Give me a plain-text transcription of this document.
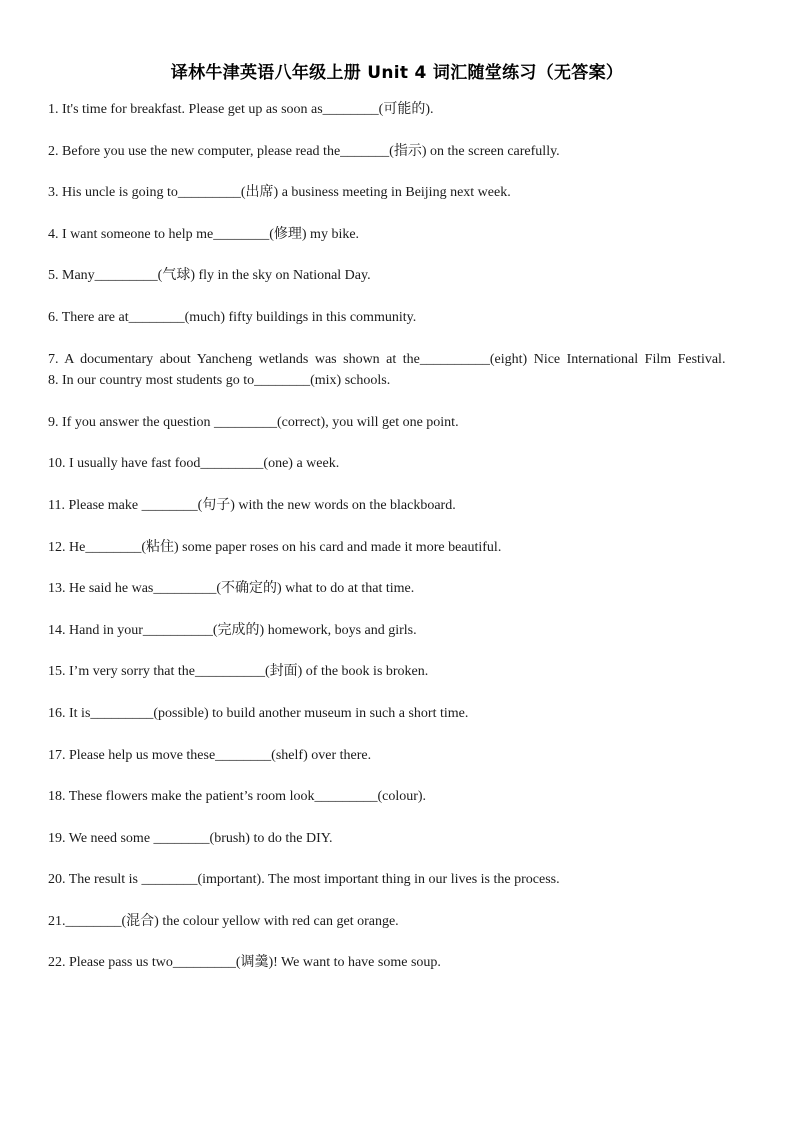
译林牛津英语八年级上册 Unit 4 词汇随堂练习（无答案）
1. It's time for breakfast. Please get up as soon as________(可能的).
2. Before you use the new computer, please read the_______(指示) on the screen carefully.
3. His uncle is going to_________(出席) a business meeting in Beijing next week.
4. I want someone to help me________(修理) my bike.
5. Many_________(气球) fly in the sky on National Day.
6. There are at________(much) fifty buildings in this community.
7. A documentary about Yancheng wetlands was shown at the__________(eight) Nice International Film Festival.
8. In our country most students go to________(mix) schools.
9. If you answer the question _________(correct), you will get one point.
10. I usually have fast food_________(one) a week.
11. Please make ________(句子) with the new words on the blackboard.
12. He________(粘住) some paper roses on his card and made it more beautiful.
13. He said he was_________(不确定的) what to do at that time.
14. Hand in your__________(完成的) homework, boys and girls.
15. I’m very sorry that the__________(封面) of the book is broken.
16. It is_________(possible) to build another museum in such a short time.
17. Please help us move these________(shelf) over there.
18. These flowers make the patient’s room look_________(colour).
19. We need some ________(brush) to do the DIY.
20. The result is ________(important). The most important thing in our lives is the process.
21.________(混合) the colour yellow with red can get orange.
22. Please pass us two_________(调羹)! We want to have some soup.
